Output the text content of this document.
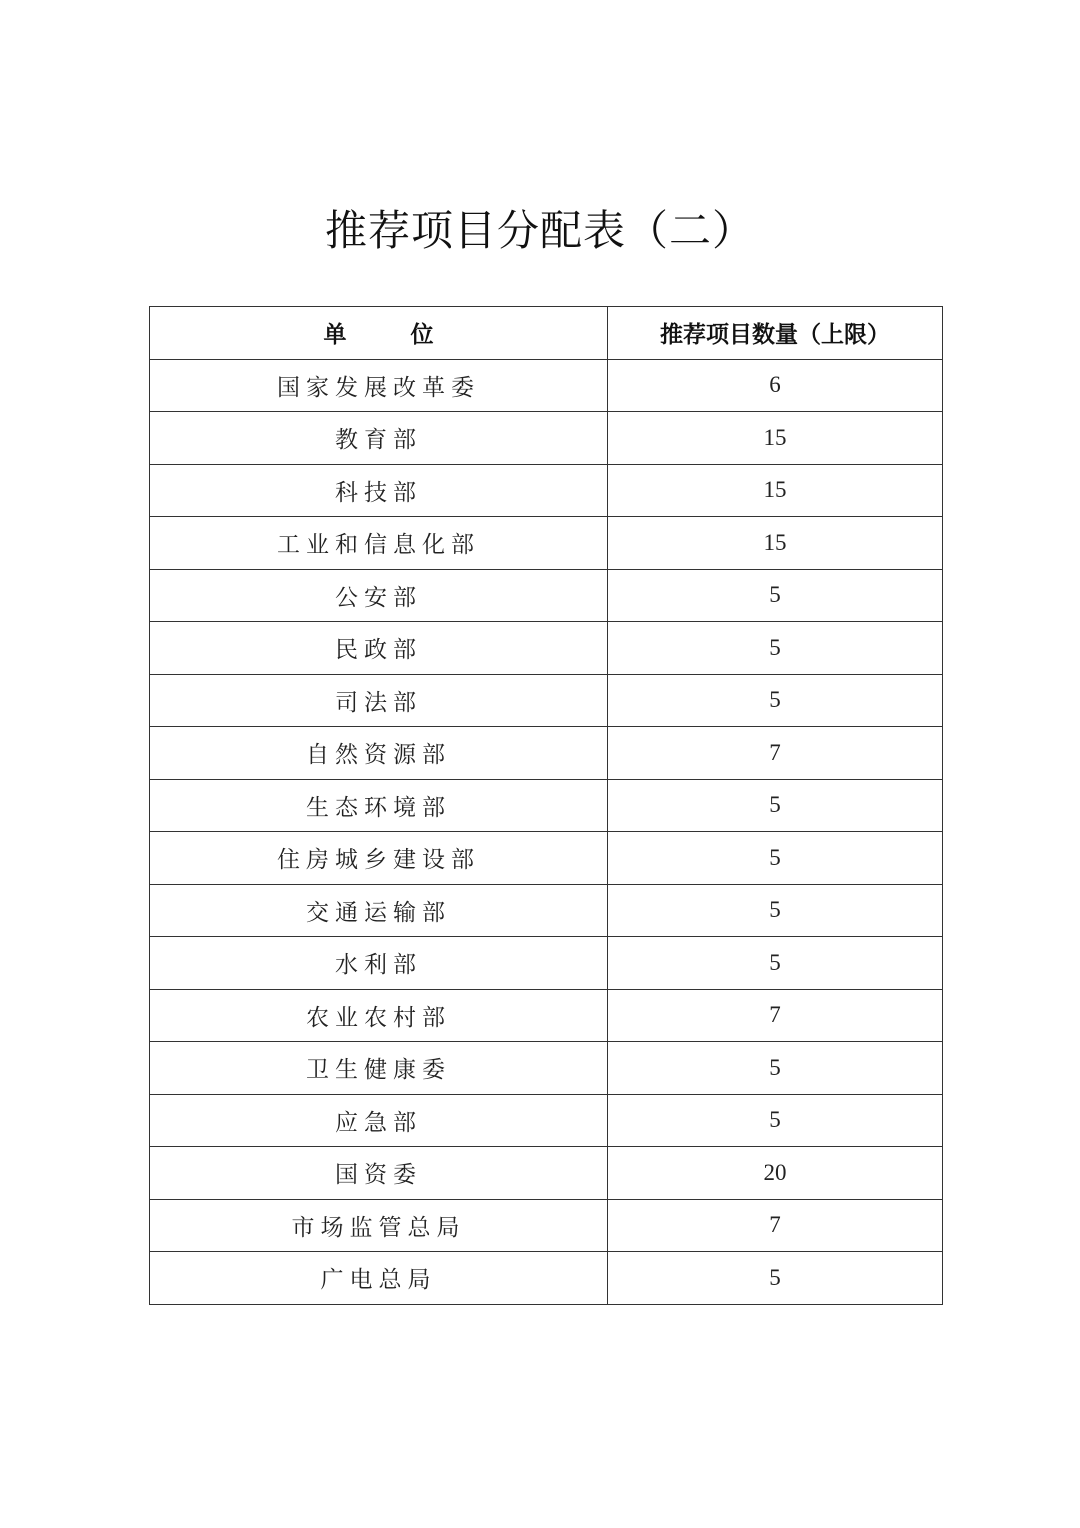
推荐项目分配表（二）
单 位	推荐项目数量（上限）
国家发展改革委	6
教育部	15
科技部	15
工业和信息化部	15
公安部	5
民政部	5
司法部	5
自然资源部	7
生态环境部	5
住房城乡建设部	5
交通运输部	5
水利部	5
农业农村部	7
卫生健康委	5
应急部	5
国资委	20
市场监管总局	7
广电总局	5
